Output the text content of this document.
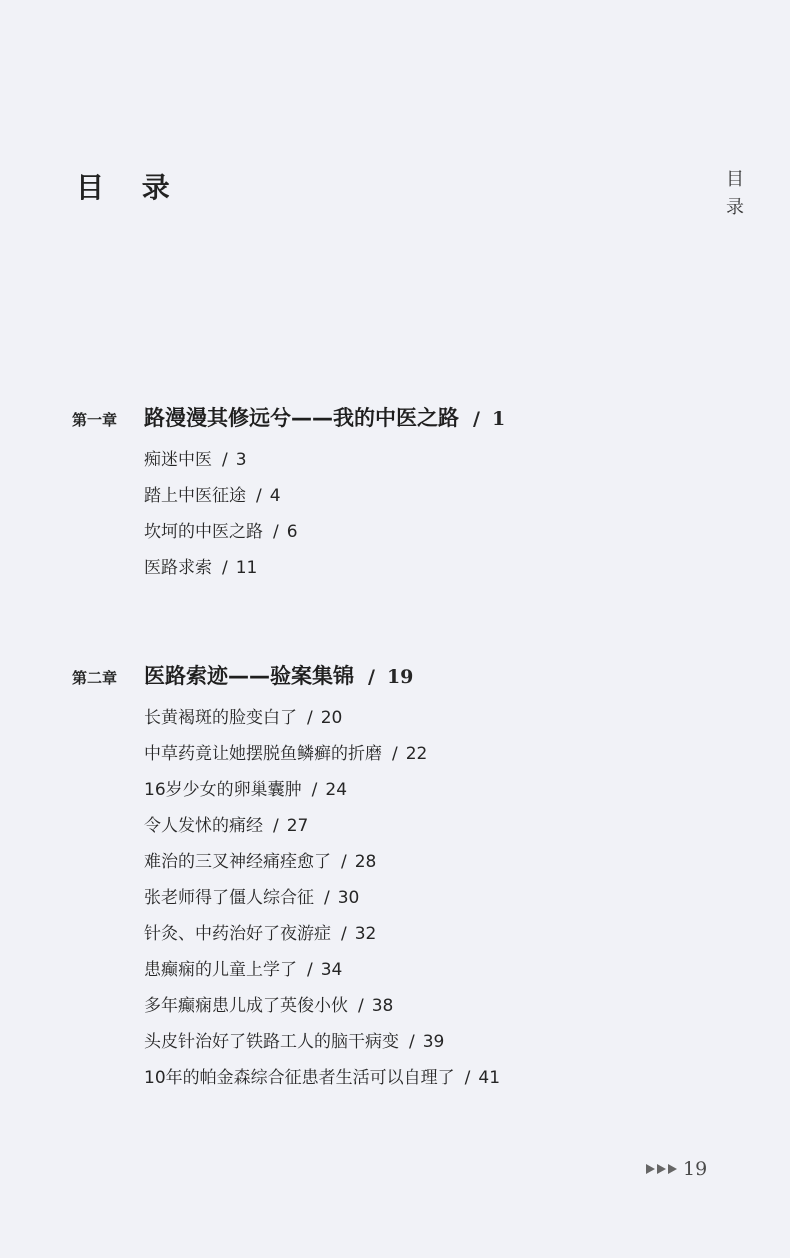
目 录	目
录
第一章	路漫漫其修远兮——我的中医之路 / 1
痴迷中医 / 3
踏上中医征途 / 4
坎坷的中医之路 / 6
医路求索 / 11
第二章	医路索迹——验案集锦 / 19
长黄褐斑的脸变白了 / 20
中草药竟让她摆脱鱼鳞癣的折磨 / 22
16岁少女的卵巢囊肿 / 24
令人发怵的痛经 / 27
难治的三叉神经痛痊愈了 / 28
张老师得了僵人综合征 / 30
针灸、中药治好了夜游症 / 32
患癫痫的儿童上学了 / 34
多年癫痫患儿成了英俊小伙 / 38
头皮针治好了铁路工人的脑干病变 / 39
10年的帕金森综合征患者生活可以自理了 / 41
19
